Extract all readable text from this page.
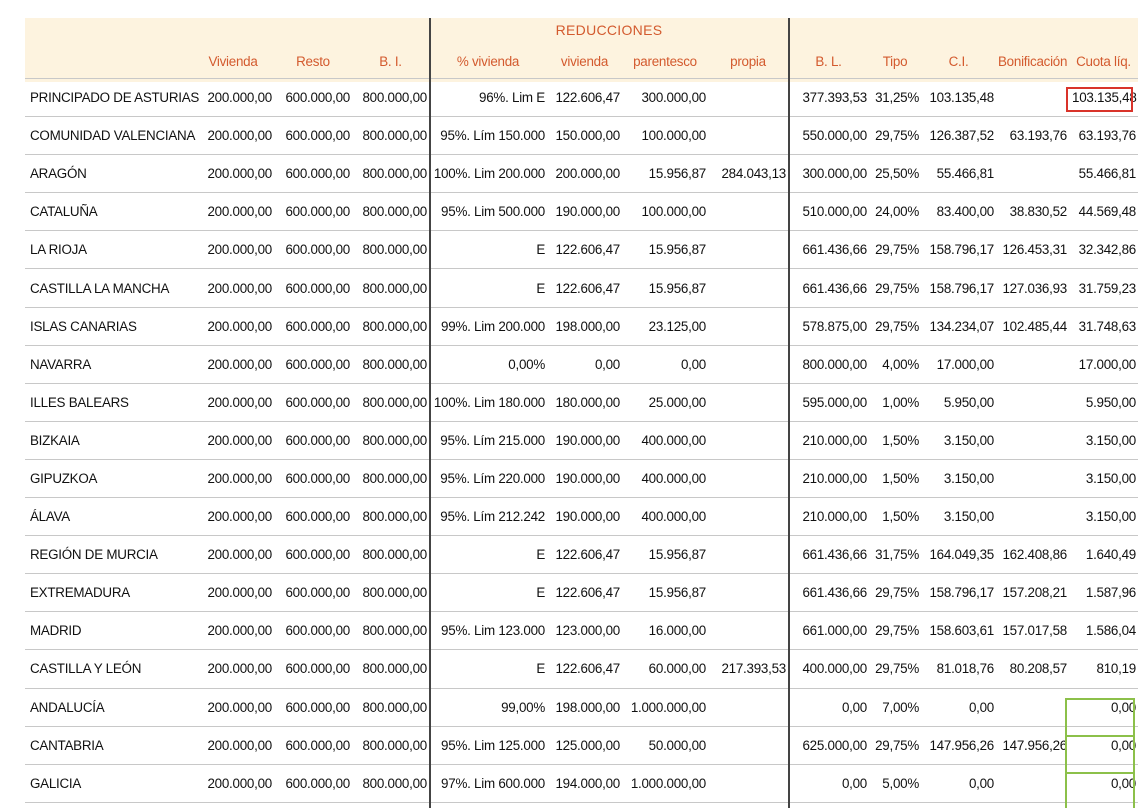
REDUCCIONES
	Vivienda	Resto	B. I.	% vivienda	vivienda	parentesco	propia	B. L.	Tipo	C.I.	Bonificación	Cuota líq.
PRINCIPADO DE ASTURIAS	200.000,00	600.000,00	800.000,00	96%. Lim E	122.606,47	300.000,00		377.393,53	31,25%	103.135,48		103.135,48
COMUNIDAD VALENCIANA	200.000,00	600.000,00	800.000,00	95%. Lím 150.000	150.000,00	100.000,00		550.000,00	29,75%	126.387,52	63.193,76	63.193,76
ARAGÓN	200.000,00	600.000,00	800.000,00	100%. Lim 200.000	200.000,00	15.956,87	284.043,13	300.000,00	25,50%	55.466,81		55.466,81
CATALUÑA	200.000,00	600.000,00	800.000,00	95%. Lim 500.000	190.000,00	100.000,00		510.000,00	24,00%	83.400,00	38.830,52	44.569,48
LA RIOJA	200.000,00	600.000,00	800.000,00	E	122.606,47	15.956,87		661.436,66	29,75%	158.796,17	126.453,31	32.342,86
CASTILLA LA MANCHA	200.000,00	600.000,00	800.000,00	E	122.606,47	15.956,87		661.436,66	29,75%	158.796,17	127.036,93	31.759,23
ISLAS CANARIAS	200.000,00	600.000,00	800.000,00	99%. Lim 200.000	198.000,00	23.125,00		578.875,00	29,75%	134.234,07	102.485,44	31.748,63
NAVARRA	200.000,00	600.000,00	800.000,00	0,00%	0,00	0,00		800.000,00	4,00%	17.000,00		17.000,00
ILLES BALEARS	200.000,00	600.000,00	800.000,00	100%. Lim 180.000	180.000,00	25.000,00		595.000,00	1,00%	5.950,00		5.950,00
BIZKAIA	200.000,00	600.000,00	800.000,00	95%. Lím 215.000	190.000,00	400.000,00		210.000,00	1,50%	3.150,00		3.150,00
GIPUZKOA	200.000,00	600.000,00	800.000,00	95%. Lím 220.000	190.000,00	400.000,00		210.000,00	1,50%	3.150,00		3.150,00
ÁLAVA	200.000,00	600.000,00	800.000,00	95%. Lím 212.242	190.000,00	400.000,00		210.000,00	1,50%	3.150,00		3.150,00
REGIÓN DE MURCIA	200.000,00	600.000,00	800.000,00	E	122.606,47	15.956,87		661.436,66	31,75%	164.049,35	162.408,86	1.640,49
EXTREMADURA	200.000,00	600.000,00	800.000,00	E	122.606,47	15.956,87		661.436,66	29,75%	158.796,17	157.208,21	1.587,96
MADRID	200.000,00	600.000,00	800.000,00	95%. Lim 123.000	123.000,00	16.000,00		661.000,00	29,75%	158.603,61	157.017,58	1.586,04
CASTILLA Y LEÓN	200.000,00	600.000,00	800.000,00	E	122.606,47	60.000,00	217.393,53	400.000,00	29,75%	81.018,76	80.208,57	810,19
ANDALUCÍA	200.000,00	600.000,00	800.000,00	99,00%	198.000,00	1.000.000,00		0,00	7,00%	0,00		0,00
CANTABRIA	200.000,00	600.000,00	800.000,00	95%. Lim 125.000	125.000,00	50.000,00		625.000,00	29,75%	147.956,26	147.956,26	0,00
GALICIA	200.000,00	600.000,00	800.000,00	97%. Lim 600.000	194.000,00	1.000.000,00		0,00	5,00%	0,00		0,00
